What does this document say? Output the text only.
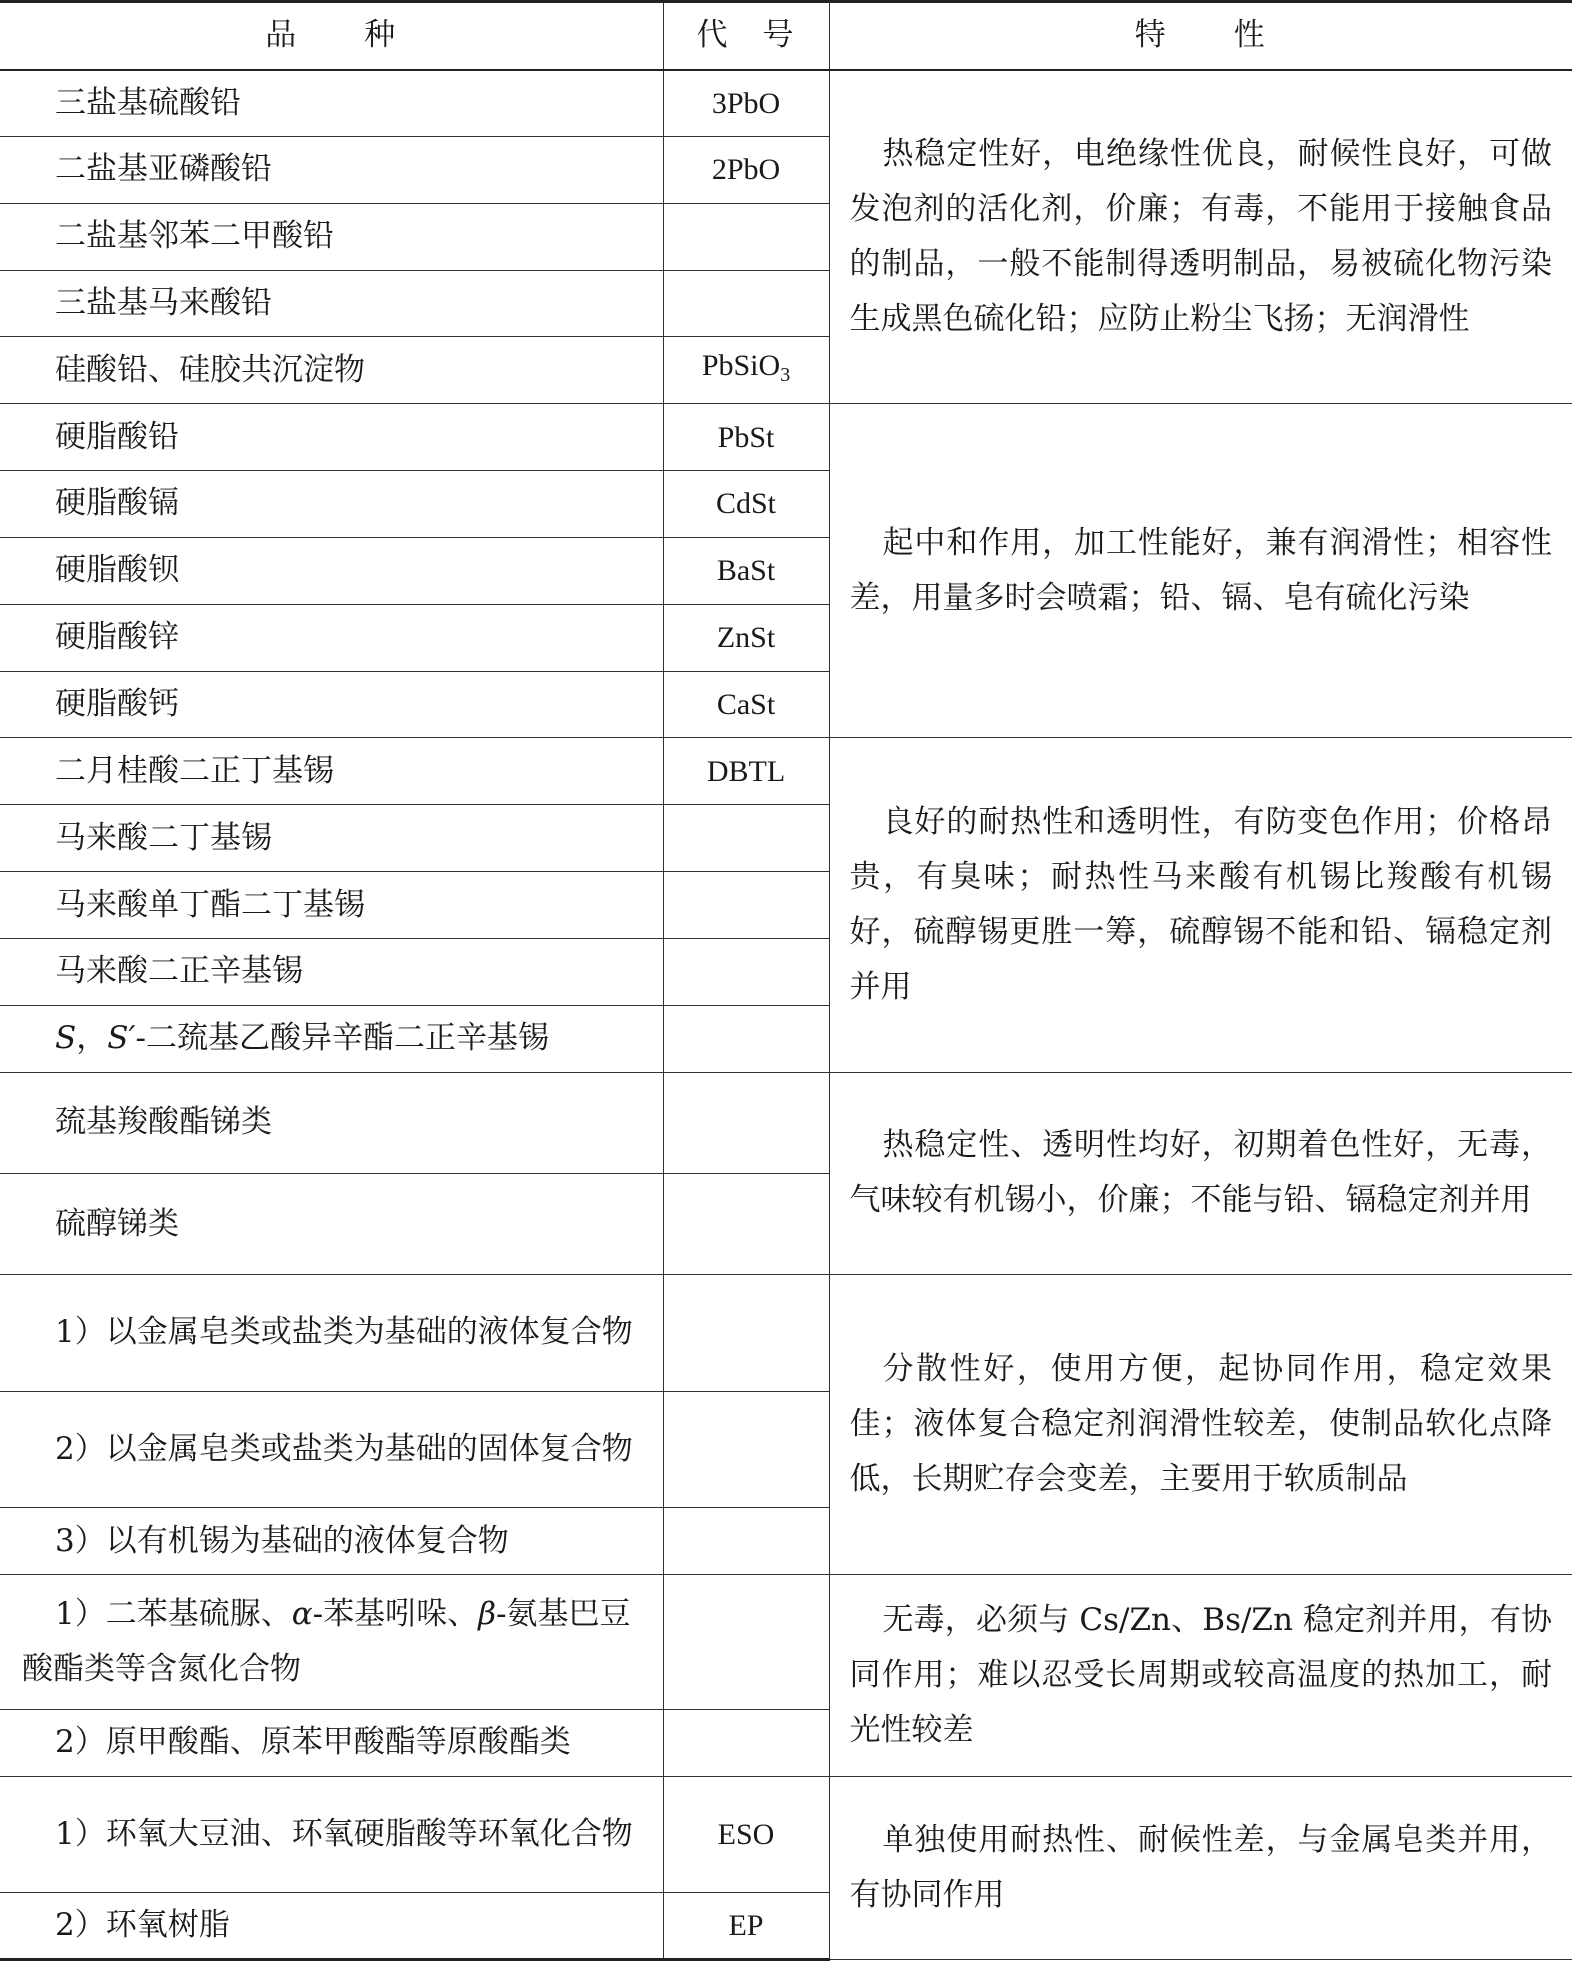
品　　种	代　号	特　　性
三盐基硫酸铅	3PbO	热稳定性好，电绝缘性优良，耐候性良好，可做发泡剂的活化剂，价廉；有毒，不能用于接触食品的制品，一般不能制得透明制品，易被硫化物污染生成黑色硫化铅；应防止粉尘飞扬；无润滑性
二盐基亚磷酸铅	2PbO	
二盐基邻苯二甲酸铅		
三盐基马来酸铅		
硅酸铅、硅胶共沉淀物	PbSiO$_3$
硬脂酸铅	PbSt	起中和作用，加工性能好，兼有润滑性；相容性差，用量多时会喷霜；铅、镉、皂有硫化污染
硬脂酸镉	CdSt	
硬脂酸钡	BaSt	
硬脂酸锌	ZnSt	
硬脂酸钙	CaSt	
二月桂酸二正丁基锡	DBTL	良好的耐热性和透明性，有防变色作用；价格昂贵，有臭味；耐热性马来酸有机锡比羧酸有机锡好，硫醇锡更胜一筹，硫醇锡不能和铅、镉稳定剂并用
马来酸二丁基锡		
马来酸单丁酯二丁基锡		
马来酸二正辛基锡		
S，S′-二巯基乙酸异辛酯二正辛基锡		
巯基羧酸酯锑类		热稳定性、透明性均好，初期着色性好，无毒，气味较有机锡小，价廉；不能与铅、镉稳定剂并用
硫醇锑类		
1）以金属皂类或盐类为基础的液体复合物		分散性好，使用方便，起协同作用，稳定效果佳；液体复合稳定剂润滑性较差，使制品软化点降低，长期贮存会变差，主要用于软质制品
2）以金属皂类或盐类为基础的固体复合物		
3）以有机锡为基础的液体复合物		
1）二苯基硫脲、α-苯基吲哚、β-氨基巴豆酸酯类等含氮化合物		无毒，必须与 Cs/Zn、Bs/Zn 稳定剂并用，有协同作用；难以忍受长周期或较高温度的热加工，耐光性较差
2）原甲酸酯、原苯甲酸酯等原酸酯类		
1）环氧大豆油、环氧硬脂酸等环氧化合物	ESO	单独使用耐热性、耐候性差，与金属皂类并用，有协同作用
2）环氧树脂	EP	
